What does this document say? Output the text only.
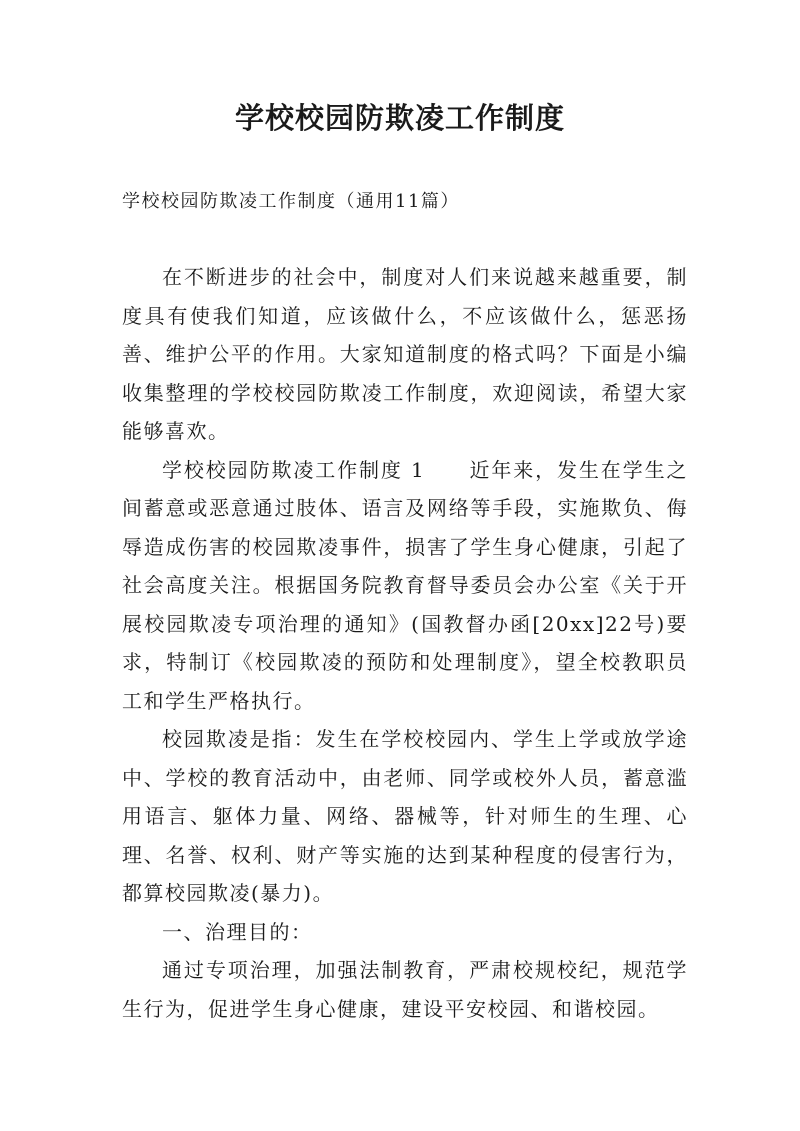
学校校园防欺凌工作制度

学校校园防欺凌工作制度（通用11篇）

在不断进步的社会中，制度对人们来说越来越重要，制度具有使我们知道，应该做什么，不应该做什么，惩恶扬善、维护公平的作用。大家知道制度的格式吗？下面是小编收集整理的学校校园防欺凌工作制度，欢迎阅读，希望大家能够喜欢。

学校校园防欺凌工作制度 1　　近年来，发生在学生之间蓄意或恶意通过肢体、语言及网络等手段，实施欺负、侮辱造成伤害的校园欺凌事件，损害了学生身心健康，引起了社会高度关注。根据国务院教育督导委员会办公室《关于开展校园欺凌专项治理的通知》(国教督办函[20xx]22号)要求，特制订《校园欺凌的预防和处理制度》，望全校教职员工和学生严格执行。

校园欺凌是指：发生在学校校园内、学生上学或放学途中、学校的教育活动中，由老师、同学或校外人员，蓄意滥用语言、躯体力量、网络、器械等，针对师生的生理、心理、名誉、权利、财产等实施的达到某种程度的侵害行为，都算校园欺凌(暴力)。

一、治理目的：

通过专项治理，加强法制教育，严肃校规校纪，规范学生行为，促进学生身心健康，建设平安校园、和谐校园。
